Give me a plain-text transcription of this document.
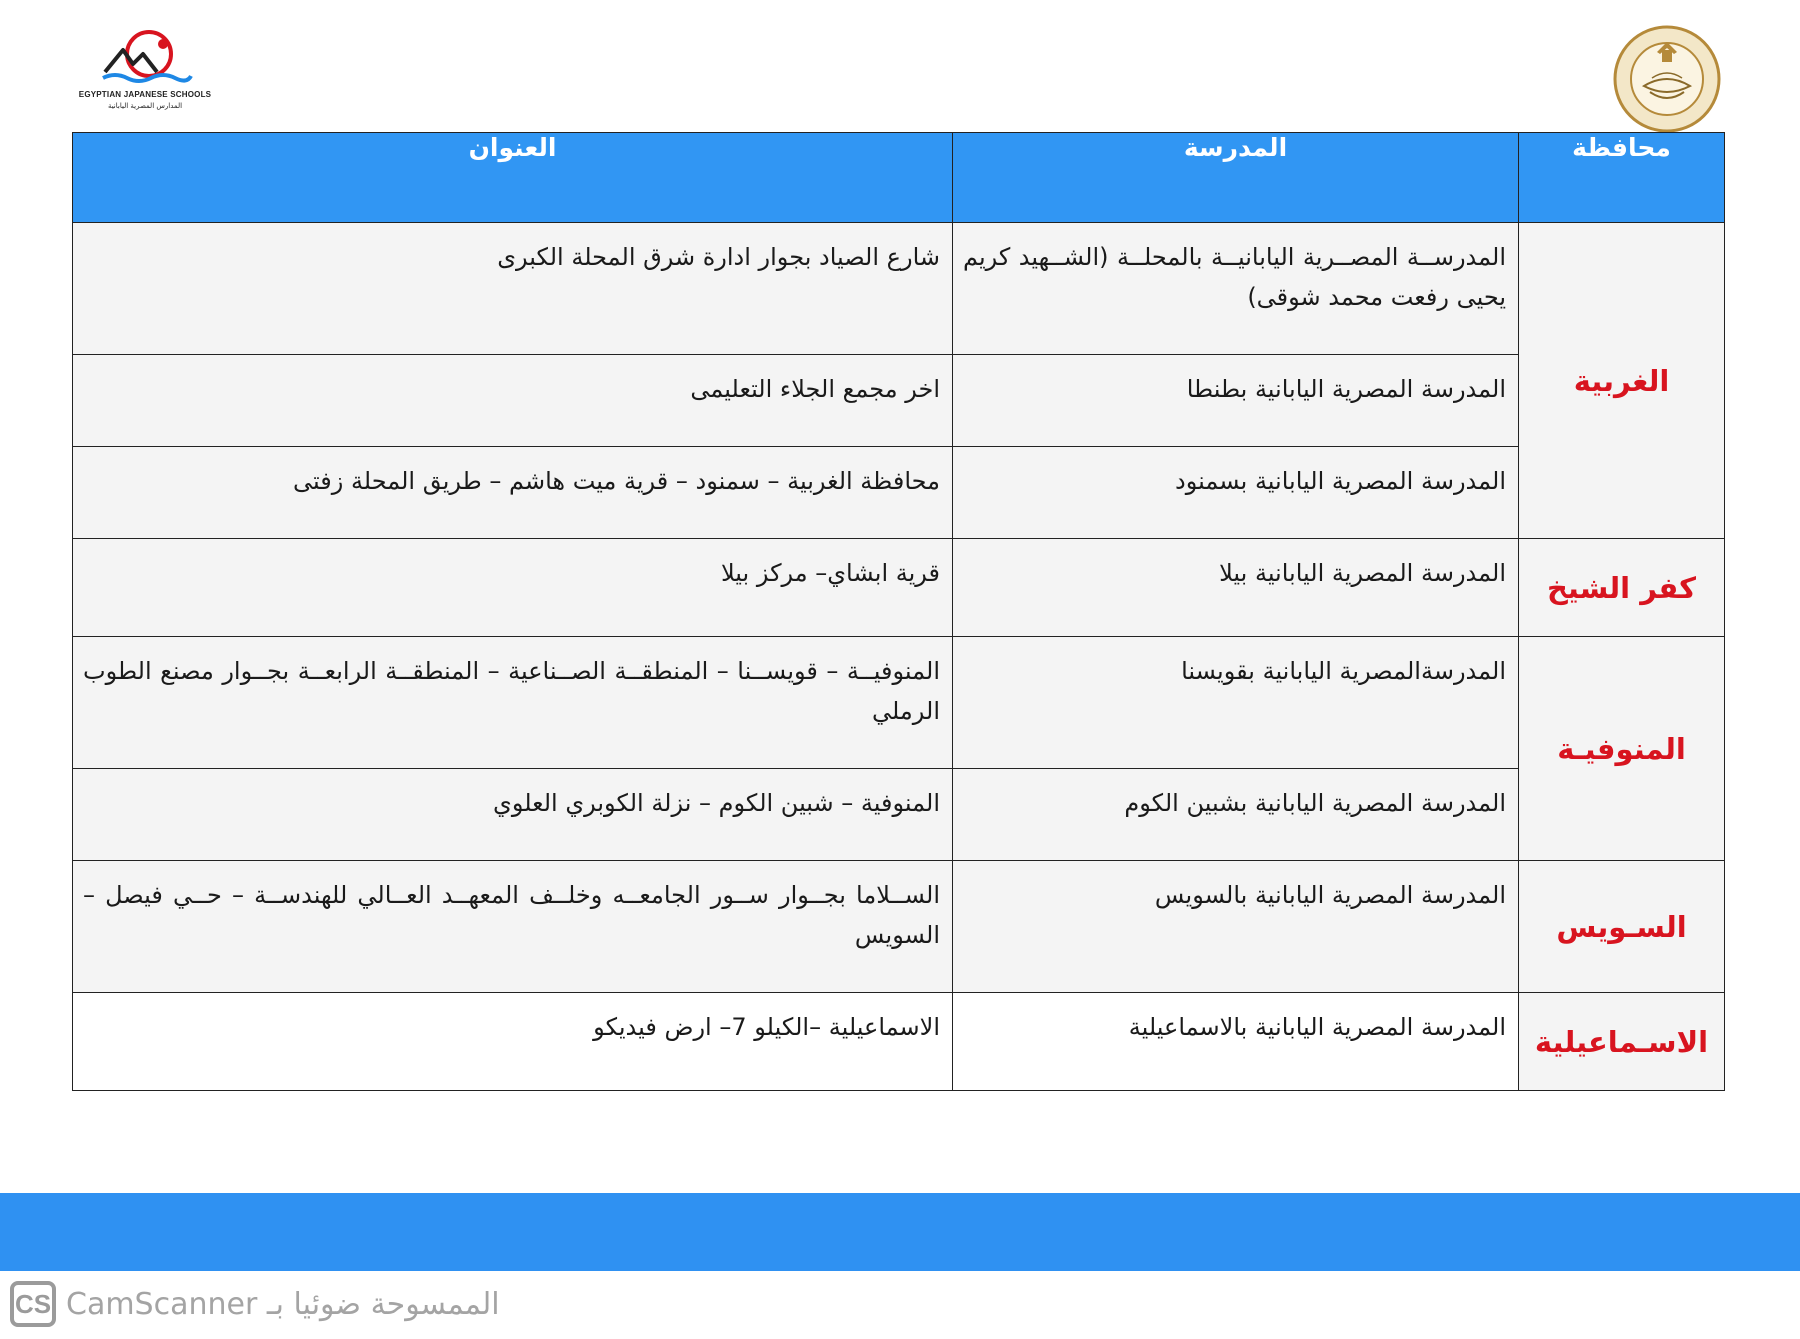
EGYPTIAN JAPANESE SCHOOLS
المدارس المصرية اليابانية
محافظة	المدرسة	العنوان
الغربية	المدرســة المصــرية اليابانيــة بالمحلــة (الشــهيد كريم يحيى رفعت محمد شوقى)	شارع الصياد بجوار ادارة شرق المحلة الكبرى
	المدرسة المصرية اليابانية بطنطا	اخر مجمع الجلاء التعليمى
	المدرسة المصرية اليابانية بسمنود	محافظة الغربية – سمنود – قرية ميت هاشم – طريق المحلة زفتى
كفر الشيخ	المدرسة المصرية اليابانية بيلا	قرية ابشاي– مركز بيلا
المنوفيـة	المدرسةالمصرية اليابانية بقويسنا	المنوفيــة – قويســنا – المنطقــة الصــناعية – المنطقــة الرابعــة بجــوار مصنع الطوب الرملي

	المدرسة المصرية اليابانية بشبين الكوم	المنوفية – شبين الكوم – نزلة الكوبري العلوي
السـويس	المدرسة المصرية اليابانية بالسويس	الســلاما بجــوار ســور الجامعــه وخلــف المعهــد العــالي للهندســة – حــي فيصل – السويس

الاسـماعيلية	المدرسة المصرية اليابانية بالاسماعيلية	الاسماعيلية –الكيلو 7– ارض فيديكو
CS CamScanner الممسوحة ضوئيا بـ
